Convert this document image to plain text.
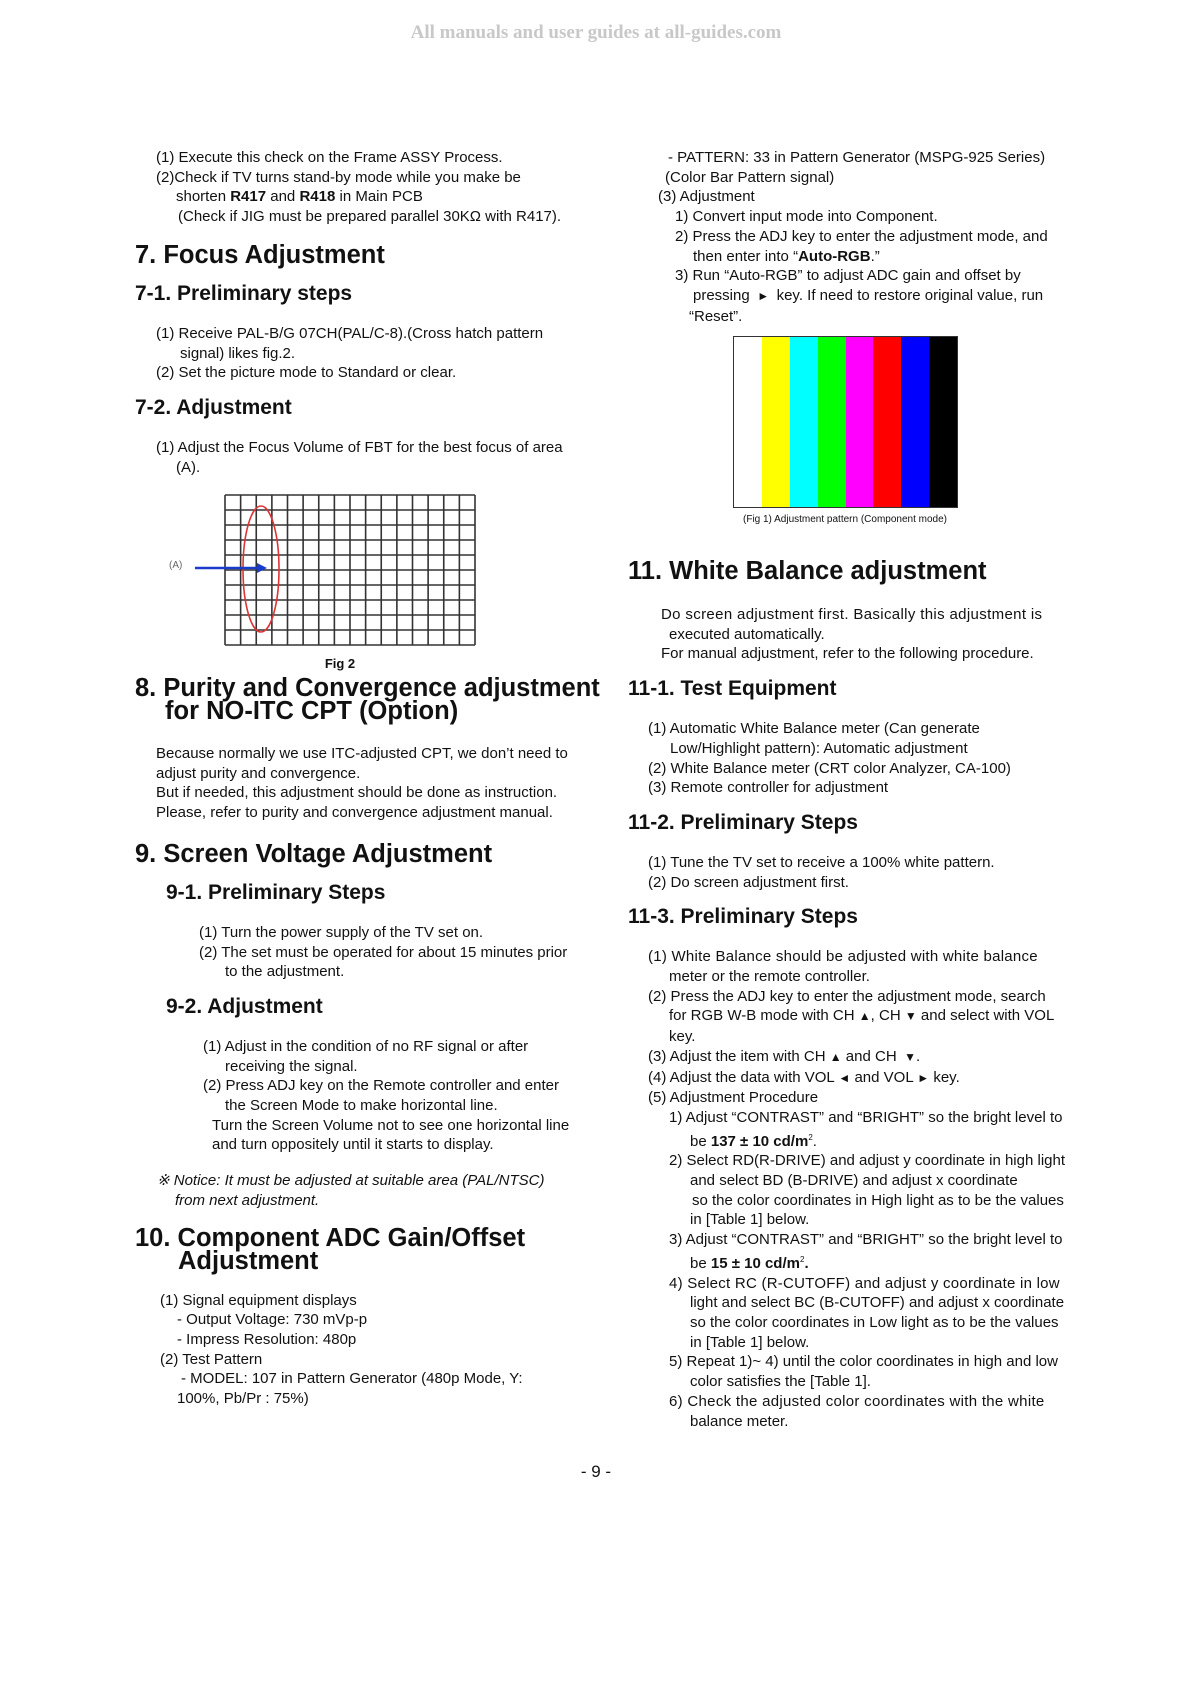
All manuals and user guides at all-guides.com

(1) Execute this check on the Frame ASSY Process.

(2)Check if TV turns stand-by mode while you make be

shorten R417 and R418 in Main PCB

(Check if JIG must be prepared parallel 30KΩ with R417).

7. Focus Adjustment
7-1. Preliminary steps

(1) Receive PAL-B/G 07CH(PAL/C-8).(Cross hatch pattern

signal) likes fig.2.

(2) Set the picture mode to Standard or clear.

7-2. Adjustment

(1) Adjust the Focus Volume of FBT for the best focus of area

(A).

(A)
Fig 2
8. Purity and Convergence adjustment
for NO-ITC CPT (Option)

Because normally we use ITC-adjusted CPT, we don’t need to

adjust purity and convergence.

But if needed, this adjustment should be done as instruction.

Please, refer to purity and convergence adjustment manual.

9. Screen Voltage Adjustment
9-1. Preliminary Steps

(1) Turn the power supply of the TV set on.

(2) The set must be operated for about 15 minutes prior

to the adjustment.

9-2. Adjustment

(1) Adjust in the condition of no RF signal or after

receiving the signal.

(2) Press ADJ key on the Remote controller and enter

the Screen Mode to make horizontal line.

Turn the Screen Volume not to see one horizontal line

and turn oppositely until it starts to display.

※ Notice: It must be adjusted at suitable area (PAL/NTSC)

from next adjustment.

10. Component ADC Gain/Offset
Adjustment

(1) Signal equipment displays

- Output Voltage: 730 mVp-p

- Impress Resolution: 480p

(2) Test Pattern

- MODEL: 107 in Pattern Generator (480p Mode, Y:

100%, Pb/Pr : 75%)

- PATTERN: 33 in Pattern Generator (MSPG-925 Series)

(Color Bar Pattern signal)

(3) Adjustment

1) Convert input mode into Component.

2) Press the ADJ key to enter the adjustment mode, and

then enter into “Auto-RGB.”

3) Run “Auto-RGB” to adjust ADC gain and offset by

pressing  ►  key. If need to restore original value, run

“Reset”.

(Fig 1) Adjustment pattern (Component mode)
11. White Balance adjustment

Do screen adjustment first. Basically this adjustment is

executed automatically.

For manual adjustment, refer to the following procedure.

11-1. Test Equipment

(1) Automatic White Balance meter (Can generate

Low/Highlight pattern): Automatic adjustment

(2) White Balance meter (CRT color Analyzer, CA-100)

(3) Remote controller for adjustment

11-2. Preliminary Steps

(1) Tune the TV set to receive a 100% white pattern.

(2) Do screen adjustment first.

11-3. Preliminary Steps

(1) White Balance should be adjusted with white balance

meter or the remote controller.

(2) Press the ADJ key to enter the adjustment mode, search

for RGB W-B mode with CH ▲, CH ▼ and select with VOL

key.

(3) Adjust the item with CH ▲ and CH  ▼.

(4) Adjust the data with VOL ◄ and VOL ► key.

(5) Adjustment Procedure

1) Adjust “CONTRAST” and “BRIGHT” so the bright level to

be 137 ± 10 $cd/m^2$.

2) Select RD(R-DRIVE) and adjust y coordinate in high light

and select BD (B-DRIVE) and adjust x coordinate

so the color coordinates in High light as to be the values

in [Table 1] below.

3) Adjust “CONTRAST” and “BRIGHT” so the bright level to

be 15 ± 10 $cd/m^2$.

4) Select RC (R-CUTOFF) and adjust y coordinate in low

light and select BC (B-CUTOFF) and adjust x coordinate

so the color coordinates in Low light as to be the values

in [Table 1] below.

5) Repeat 1)~ 4) until the color coordinates in high and low

color satisfies the [Table 1].

6) Check the adjusted color coordinates with the white

balance meter.

- 9 -
